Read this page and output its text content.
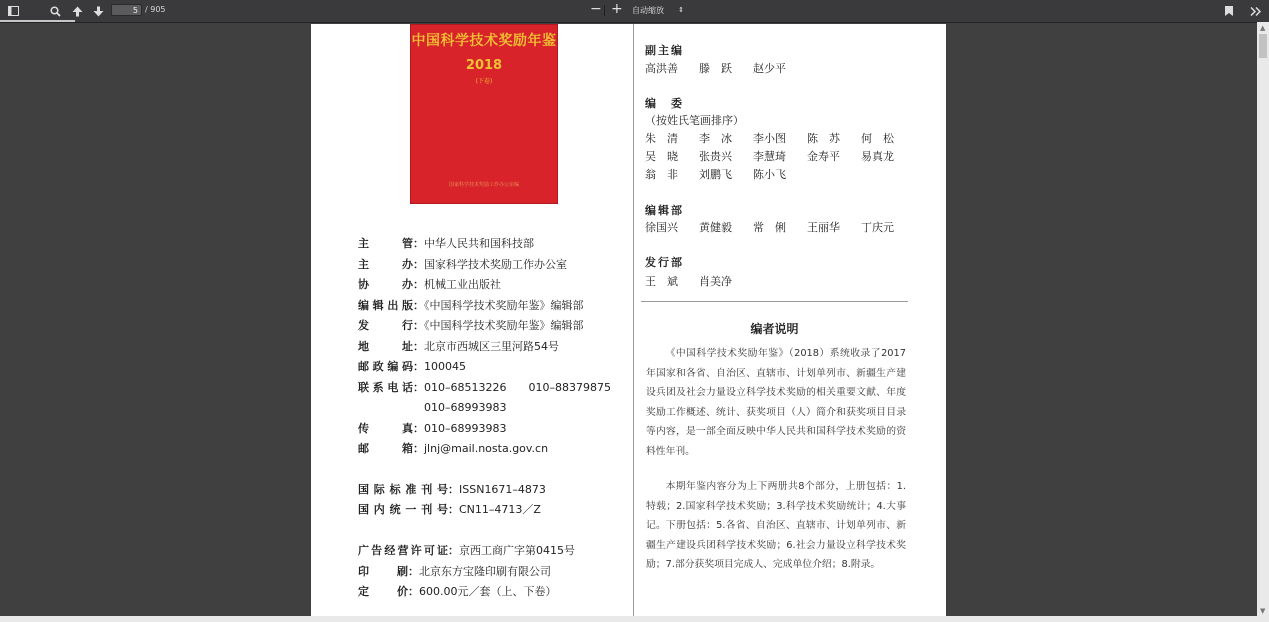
5 / 905	− +	自动缩放 ⇕
▲
▼
中国科学技术奖励年鉴
2018
(下卷)
国家科学技术奖励工作办公室编
主　管：中华人民共和国科技部
主　办：国家科学技术奖励工作办公室
协　办：机械工业出版社
编辑出版：《中国科学技术奖励年鉴》编辑部
发　行：《中国科学技术奖励年鉴》编辑部
地　址：北京市西城区三里河路54号
邮政编码：100045
联系电话：010–68513226　　010–88379875
010–68993983
传　真：010–68993983
邮　箱：jlnj@mail.nosta.gov.cn
国际标准刊号：ISSN1671–4873
国内统一刊号：CN11–4713／Z
广告经营许可证：京西工商广字第0415号
印　　刷：北京东方宝隆印刷有限公司
定　　价：600.00元／套（上、下卷）
副主编
高洪善 滕　跃 赵少平
编　委
（按姓氏笔画排序）
朱　清 李　冰 李小图 陈　苏 何　松
吴　晓 张贵兴 李慧琦 金寿平 易真龙
翁　非 刘鹏飞 陈小飞
编辑部
徐国兴 黄健毅 常　俐 王丽华 丁庆元
发行部
王　斌 肖美净
编者说明
《中国科学技术奖励年鉴》（2018）系统收录了2017年国家和各省、自治区、直辖市、计划单列市、新疆生产建设兵团及社会力量设立科学技术奖励的相关重要文献、年度奖励工作概述、统计、获奖项目（人）简介和获奖项目目录等内容，是一部全面反映中华人民共和国科学技术奖励的资料性年刊。
本期年鉴内容分为上下两册共8个部分，上册包括：1.特载；2.国家科学技术奖励；3.科学技术奖励统计；4.大事记。下册包括：5.各省、自治区、直辖市、计划单列市、新疆生产建设兵团科学技术奖励；6.社会力量设立科学技术奖励；7.部分获奖项目完成人、完成单位介绍；8.附录。
